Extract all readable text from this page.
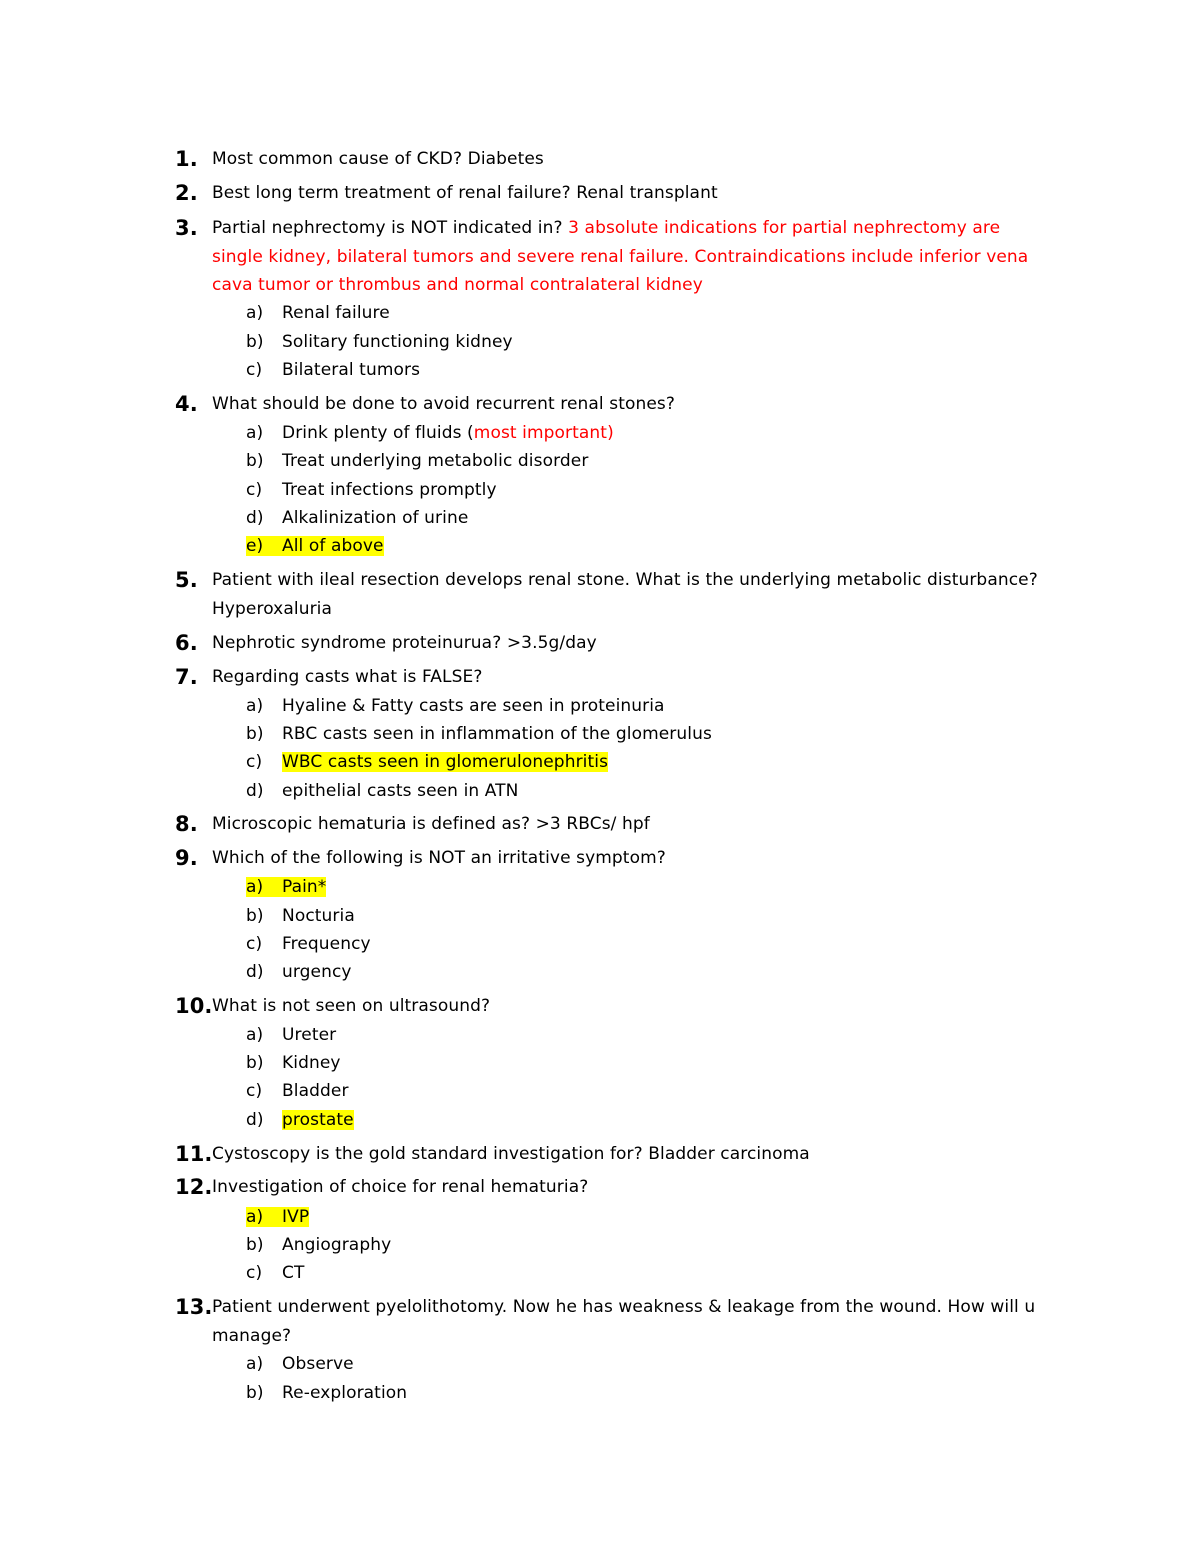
1. Most common cause of CKD? Diabetes
2. Best long term treatment of renal failure? Renal transplant
3. Partial nephrectomy is NOT indicated in? 3 absolute indications for partial nephrectomy are single kidney, bilateral tumors and severe renal failure. Contraindications include inferior vena cava tumor or thrombus and normal contralateral kidney
a) Renal failure
b) Solitary functioning kidney
c) Bilateral tumors
4. What should be done to avoid recurrent renal stones?
a) Drink plenty of fluids (most important)
b) Treat underlying metabolic disorder
c) Treat infections promptly
d) Alkalinization of urine
e) All of above
5. Patient with ileal resection develops renal stone. What is the underlying metabolic disturbance? Hyperoxaluria
6. Nephrotic syndrome proteinurua? >3.5g/day
7. Regarding casts what is FALSE?
a) Hyaline & Fatty casts are seen in proteinuria
b) RBC casts seen in inflammation of the glomerulus
c) WBC casts seen in glomerulonephritis
d) epithelial casts seen in ATN
8. Microscopic hematuria is defined as? >3 RBCs/ hpf
9. Which of the following is NOT an irritative symptom?
a) Pain*
b) Nocturia
c) Frequency
d) urgency
10. What is not seen on ultrasound?
a) Ureter
b) Kidney
c) Bladder
d) prostate
11. Cystoscopy is the gold standard investigation for? Bladder carcinoma
12. Investigation of choice for renal hematuria?
a) IVP
b) Angiography
c) CT
13. Patient underwent pyelolithotomy. Now he has weakness & leakage from the wound. How will u manage?
a) Observe
b) Re-exploration
